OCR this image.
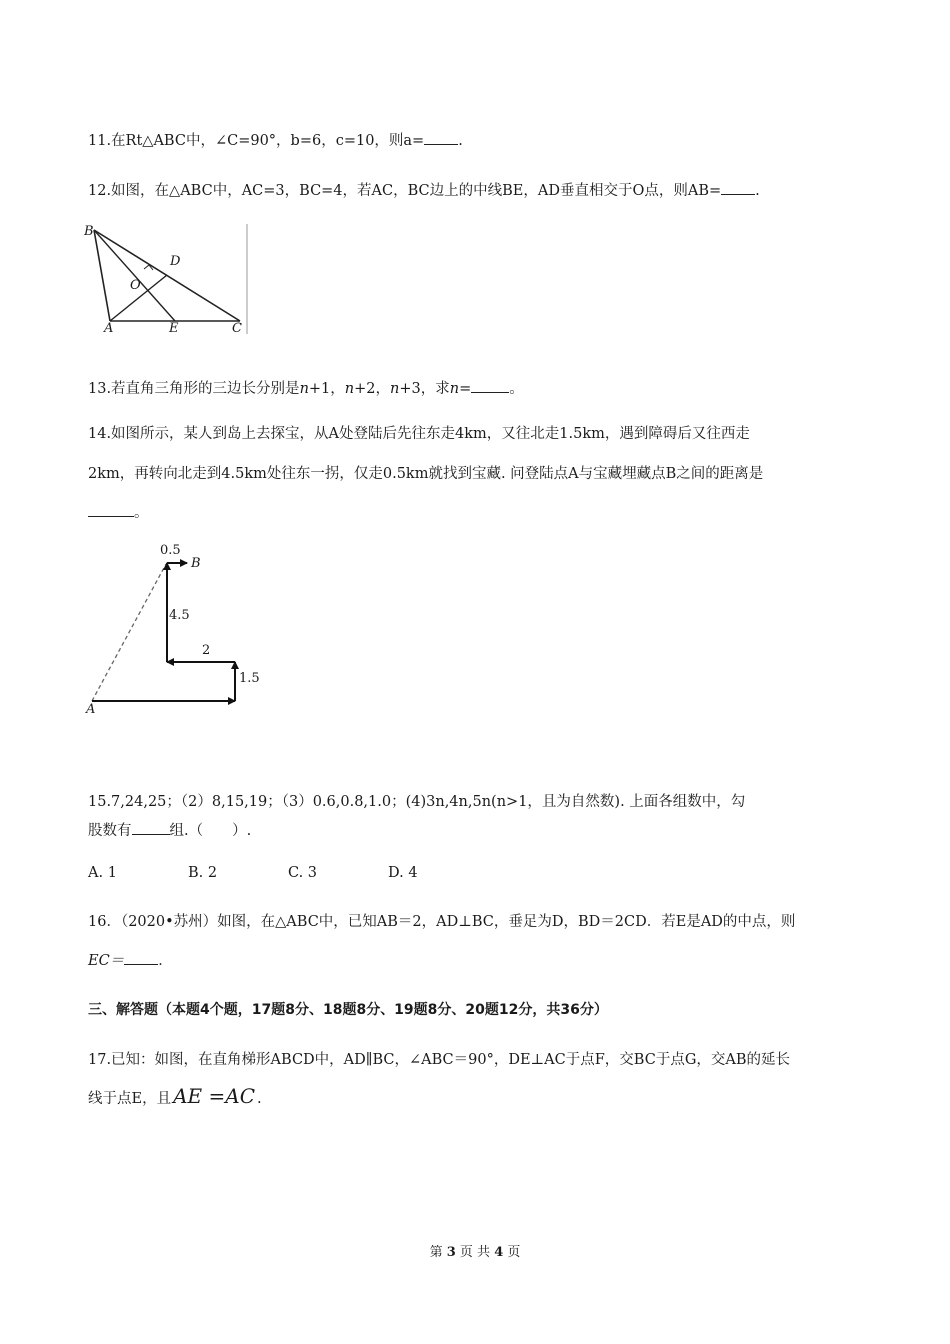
11.在Rt△ABC中，∠C=90°，b=6，c=10，则a= .
12.如图，在△ABC中，AC=3，BC=4，若AC，BC边上的中线BE，AD垂直相交于O点，则AB= .
B
D
O
A	E	C
13.若直角三角形的三边长分别是n+1，n+2，n+3，求n=	。
14.如图所示，某人到岛上去探宝，从A处登陆后先往东走4km，又往北走1.5km，遇到障碍后又往西走
2km，再转向北走到4.5km处往东一拐，仅走0.5km就找到宝藏. 问登陆点A与宝藏埋藏点B之间的距离是
。
0.5
B
4.5
2
1.5
A
15.7,24,25；（2）8,15,19；（3）0.6,0.8,1.0；(4)3n,4n,5n(n>1，且为自然数). 上面各组数中，勾
股数有	组.（　　）.
A. 1	B. 2	C. 3	D. 4
16．（2020•苏州）如图，在△ABC中，已知AB＝2，AD⊥BC，垂足为D，BD＝2CD．若E是AD的中点，则
EC＝ ．
三、解答题（本题4个题，17题8分、18题8分、19题8分、20题12分，共36分）
17.已知：如图，在直角梯形ABCD中，AD∥BC，∠ABC＝90°，DE⊥AC于点F，交BC于点G，交AB的延长
线于点E，且 AE =AC .
第 3 页 共 4 页
